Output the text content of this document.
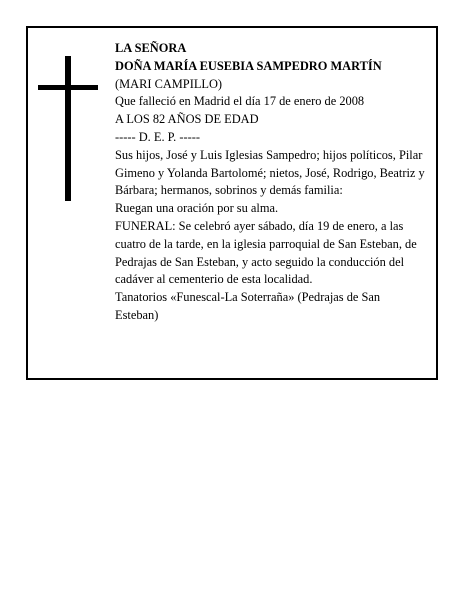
LA SEÑORA

DOÑA MARÍA EUSEBIA SAMPEDRO MARTÍN

(MARI CAMPILLO)

Que falleció en Madrid el día 17 de enero de 2008

A LOS 82 AÑOS DE EDAD

----- D. E. P. -----

Sus hijos, José y Luis Iglesias Sampedro; hijos políticos, Pilar Gimeno y Yolanda Bartolomé; nietos, José, Rodrigo, Beatriz y Bárbara; hermanos, sobrinos y demás familia:

Ruegan una oración por su alma.

FUNERAL: Se celebró ayer sábado, día 19 de enero, a las cuatro de la tarde, en la iglesia parroquial de San Esteban, de Pedrajas de San Esteban, y acto seguido la conducción del cadáver al cementerio de esta localidad.

Tanatorios «Funescal-La Soterraña» (Pedrajas de San Esteban)
